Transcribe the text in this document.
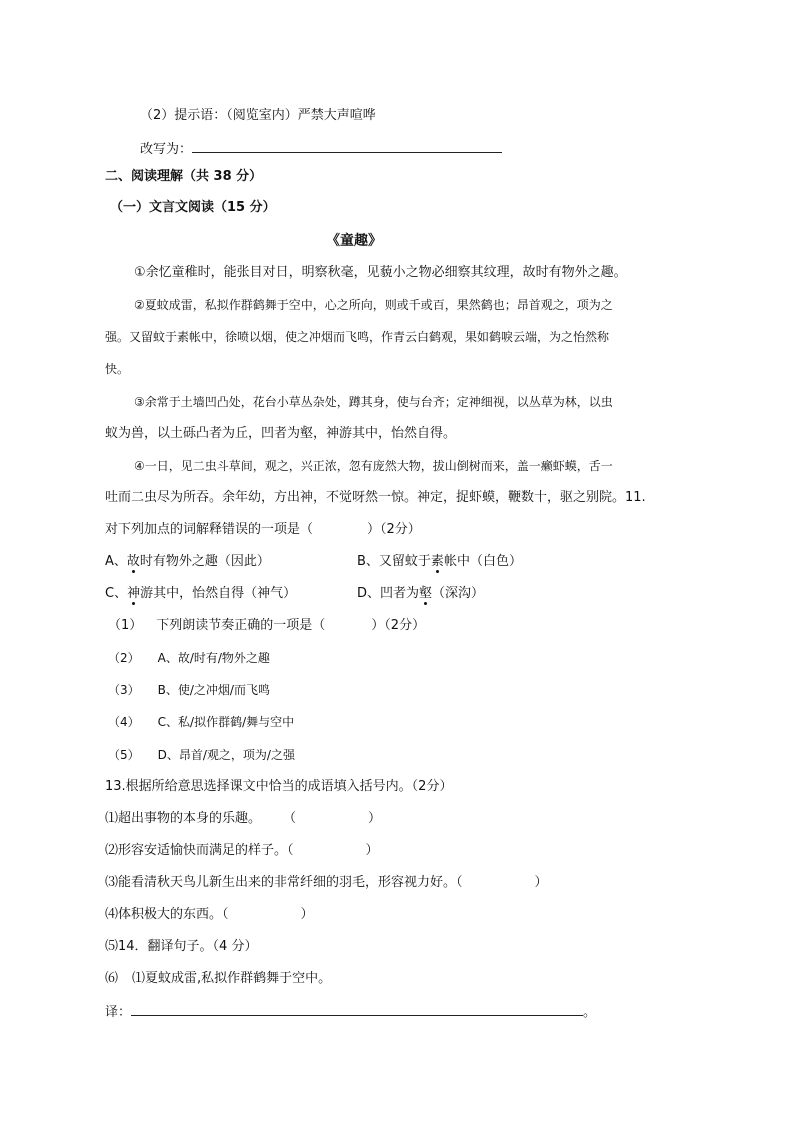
（2）提示语：（阅览室内）严禁大声喧哗
改写为：
二、阅读理解（共 38 分）
（一）文言文阅读（15 分）
《童趣》
①余忆童稚时，能张目对日，明察秋毫，见藐小之物必细察其纹理，故时有物外之趣。
②夏蚊成雷，私拟作群鹤舞于空中，心之所向，则或千或百，果然鹤也；昂首观之，项为之
强。又留蚊于素帐中，徐喷以烟，使之冲烟而飞鸣，作青云白鹤观，果如鹤唳云端，为之怡然称
快。
③余常于土墙凹凸处，花台小草丛杂处，蹲其身，使与台齐；定神细视，以丛草为林，以虫
蚁为兽，以土砾凸者为丘，凹者为壑，神游其中，怡然自得。
④一日，见二虫斗草间，观之，兴正浓，忽有庞然大物，拔山倒树而来，盖一癞虾蟆，舌一
吐而二虫尽为所吞。余年幼，方出神，不觉呀然一惊。神定，捉虾蟆，鞭数十，驱之别院。11.
对下列加点的词解释错误的一项是（	）（2分）
A、故时有物外之趣（因此）	B、又留蚊于素帐中（白色）
C、神游其中，怡然自得（神气）	D、凹者为壑（深沟）
（1） 下列朗读节奏正确的一项是（	）（2分）
（2） A、故/时有/物外之趣
（3） B、使/之冲烟/而飞鸣
（4） C、私/拟作群鹤/舞与空中
（5） D、昂首/观之，项为/之强
13.根据所给意思选择课文中恰当的成语填入括号内。（2分）
⑴超出事物的本身的乐趣。 （	）
⑵形容安适愉快而满足的样子。（	）
⑶能看清秋天鸟儿新生出来的非常纤细的羽毛，形容视力好。（	）
⑷体积极大的东西。（	）
⑸14．翻译句子。（4 分）
⑹ ⑴夏蚊成雷,私拟作群鹤舞于空中。
译：	。
